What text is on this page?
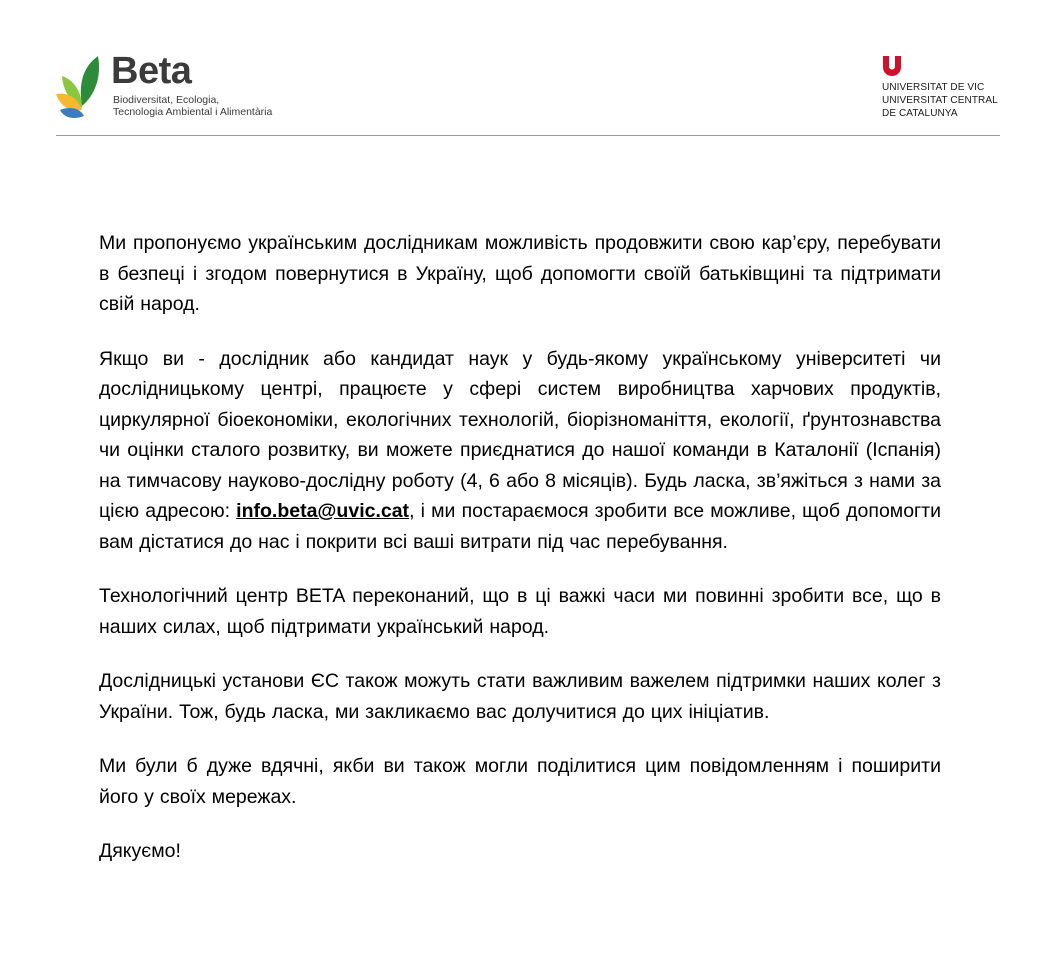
Beta
Biodiversitat, Ecologia,
Tecnologia Ambiental i Alimentària
UNIVERSITAT DE VIC
UNIVERSITAT CENTRAL
DE CATALUNYA

Ми пропонуємо українським дослідникам можливість продовжити свою кар’єру, перебувати в безпеці і згодом повернутися в Україну, щоб допомогти своїй батьківщині та підтримати свій народ.

Якщо ви - дослідник або кандидат наук у будь-якому українському університеті чи дослідницькому центрі, працюєте у сфері систем виробництва харчових продуктів, циркулярної біоекономіки, екологічних технологій, біорізноманіття, екології, ґрунтознавства чи оцінки сталого розвитку, ви можете приєднатися до нашої команди в Каталонії (Іспанія) на тимчасову науково-дослідну роботу (4, 6 або 8 місяців). Будь ласка, зв’яжіться з нами за цією адресою: info.beta@uvic.cat, і ми постараємося зробити все можливе, щоб допомогти вам дістатися до нас і покрити всі ваші витрати під час перебування.

Технологічний центр BETA переконаний, що в ці важкі часи ми повинні зробити все, що в наших силах, щоб підтримати український народ.

Дослідницькі установи ЄС також можуть стати важливим важелем підтримки наших колег з України. Тож, будь ласка, ми закликаємо вас долучитися до цих ініціатив.

Ми були б дуже вдячні, якби ви також могли поділитися цим повідомленням і поширити його у своїх мережах.

Дякуємо!
